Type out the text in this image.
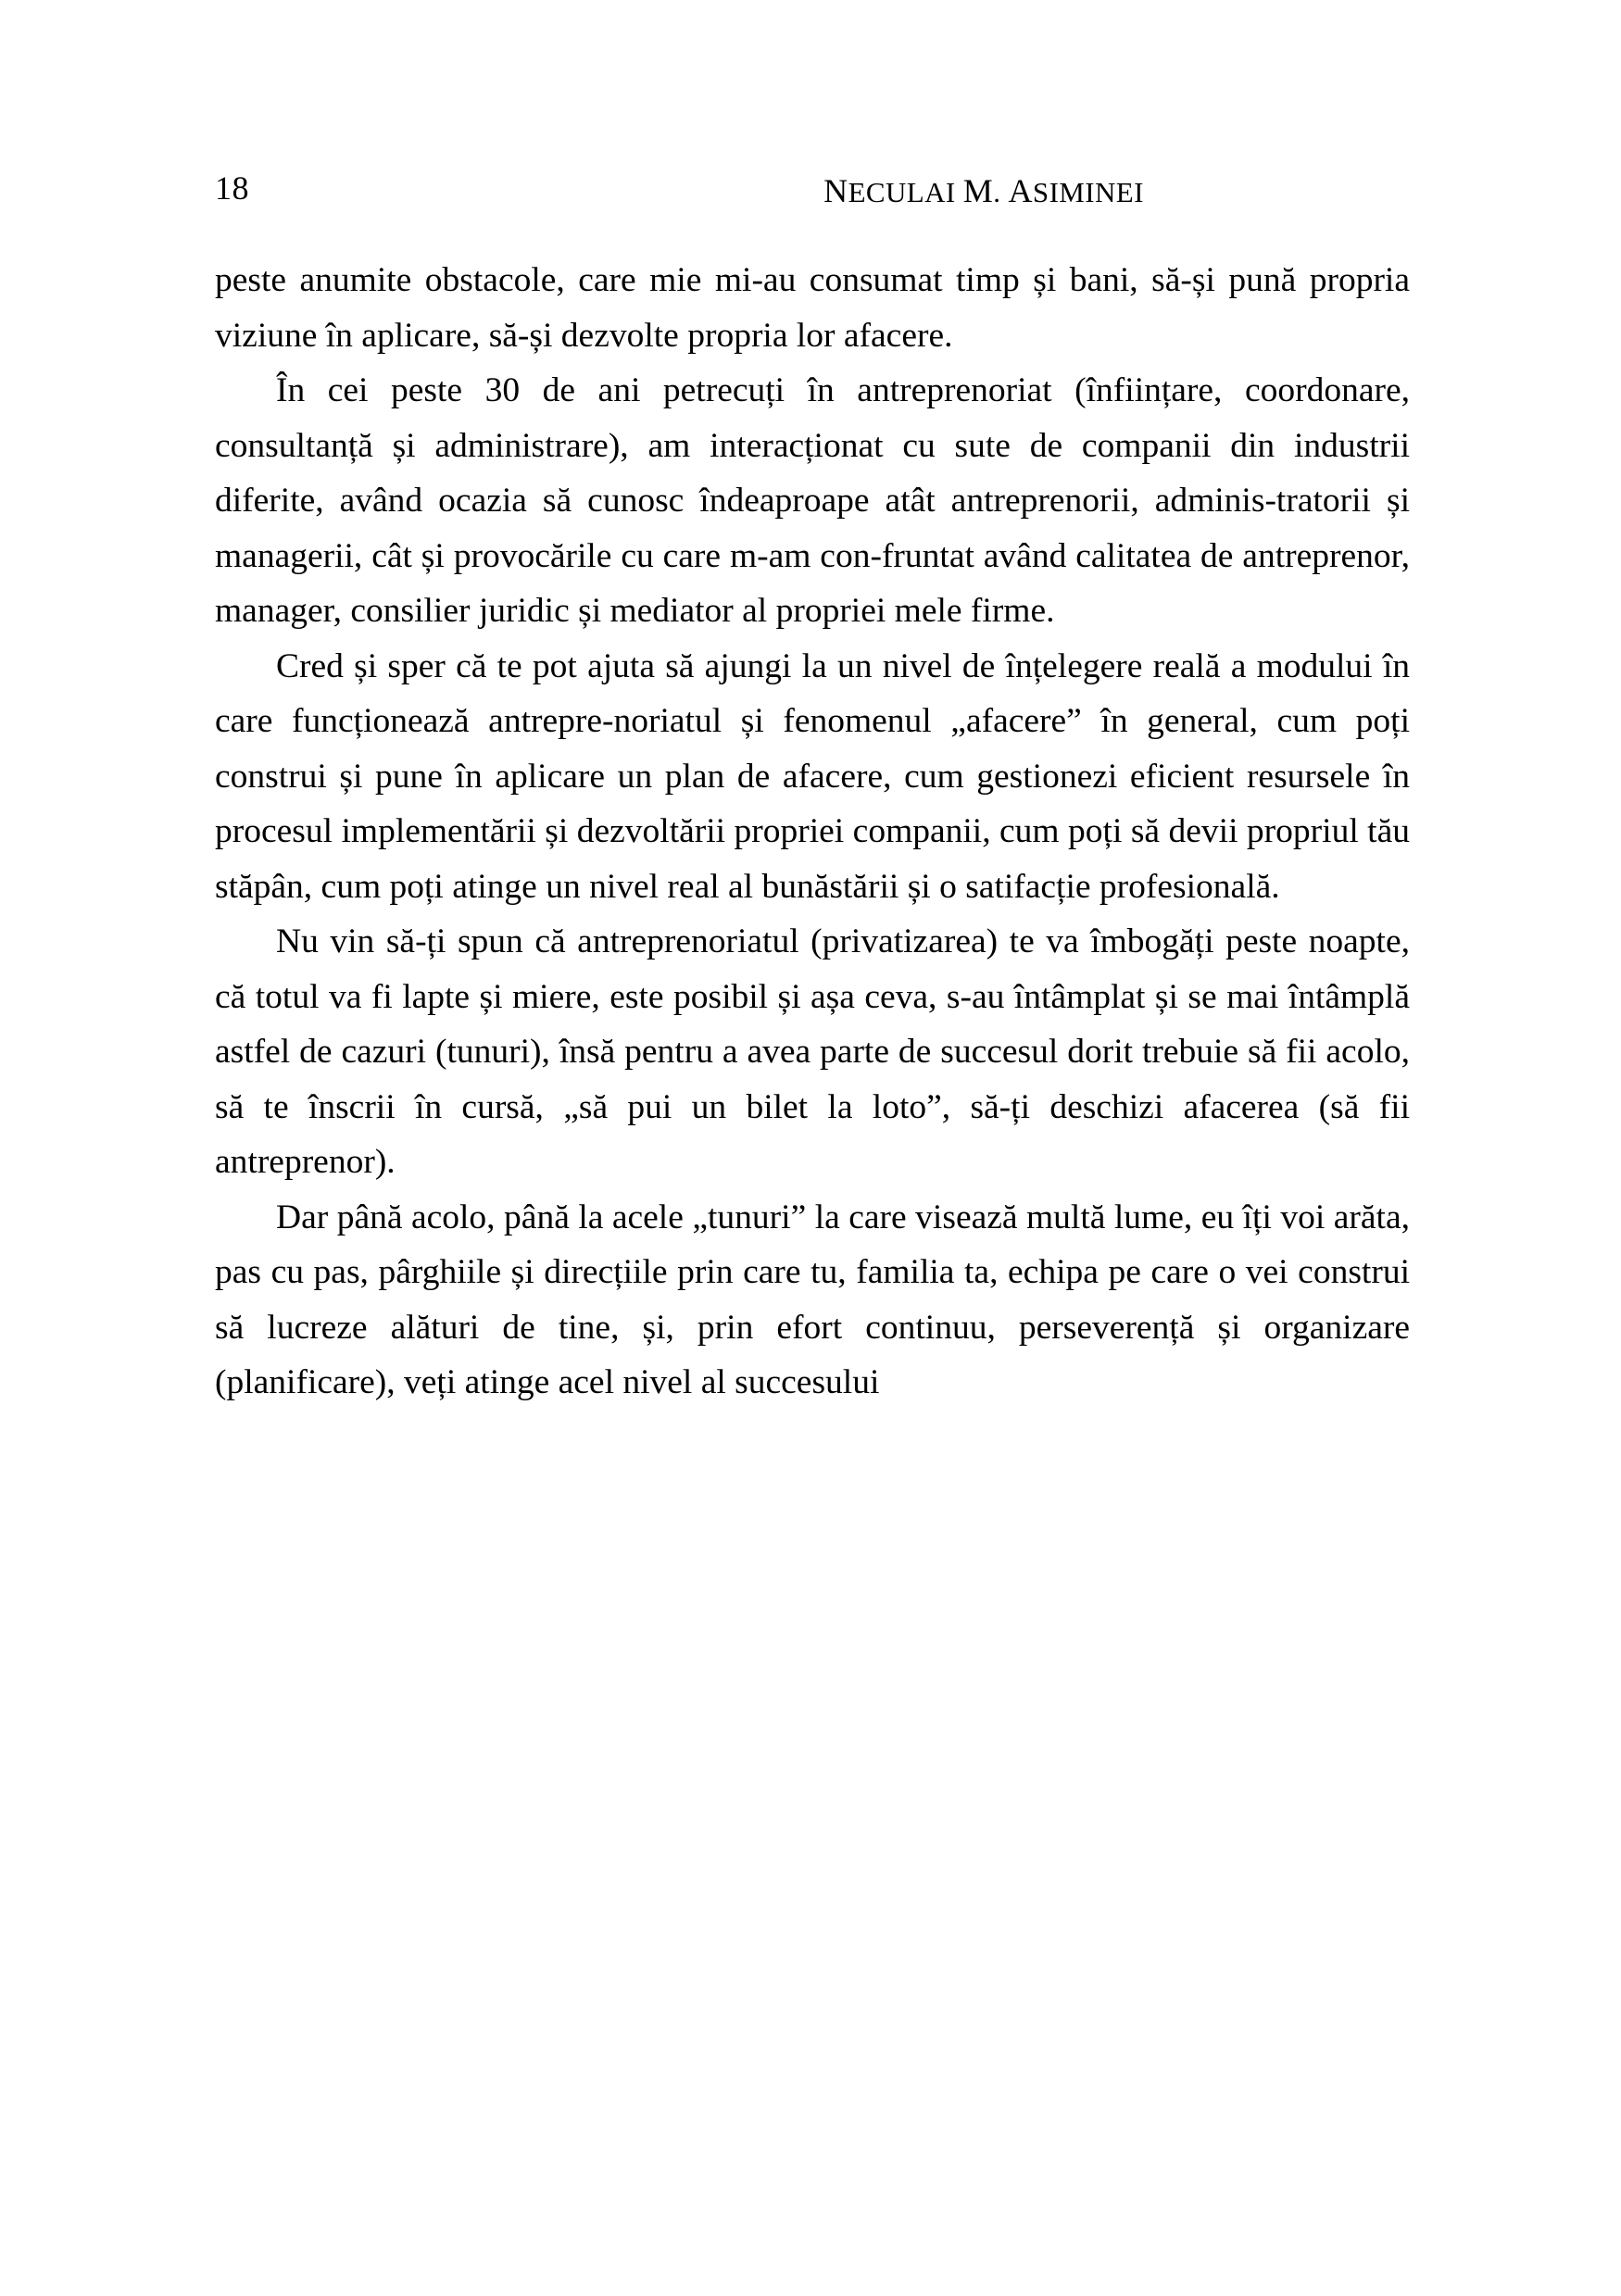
18	NECULAI M. ASIMINEI

peste anumite obstacole, care mie mi-au consumat timp și bani, să-și pună propria viziune în aplicare, să-și dezvolte propria lor afacere.

În cei peste 30 de ani petrecuți în antreprenoriat (înființare, coordonare, consultanță și administrare), am interacționat cu sute de companii din industrii diferite, având ocazia să cunosc îndeaproape atât antreprenorii, adminis-tratorii și managerii, cât și provocările cu care m-am con-fruntat având calitatea de antreprenor, manager, consilier juridic și mediator al propriei mele firme.

Cred și sper că te pot ajuta să ajungi la un nivel de înțelegere reală a modului în care funcționează antrepre-noriatul și fenomenul „afacere” în general, cum poți construi și pune în aplicare un plan de afacere, cum gestionezi eficient resursele în procesul implementării și dezvoltării propriei companii, cum poți să devii propriul tău stăpân, cum poți atinge un nivel real al bunăstării și o satifacție profesională.

Nu vin să-ți spun că antreprenoriatul (privatizarea) te va îmbogăți peste noapte, că totul va fi lapte și miere, este posibil și așa ceva, s-au întâmplat și se mai întâmplă astfel de cazuri (tunuri), însă pentru a avea parte de succesul dorit trebuie să fii acolo, să te înscrii în cursă, „să pui un bilet la loto”, să-ți deschizi afacerea (să fii antreprenor).

Dar până acolo, până la acele „tunuri” la care visează multă lume, eu îți voi arăta, pas cu pas, pârghiile și direcțiile prin care tu, familia ta, echipa pe care o vei construi să lucreze alături de tine, și, prin efort continuu, perseverență și organizare (planificare), veți atinge acel nivel al succesului
